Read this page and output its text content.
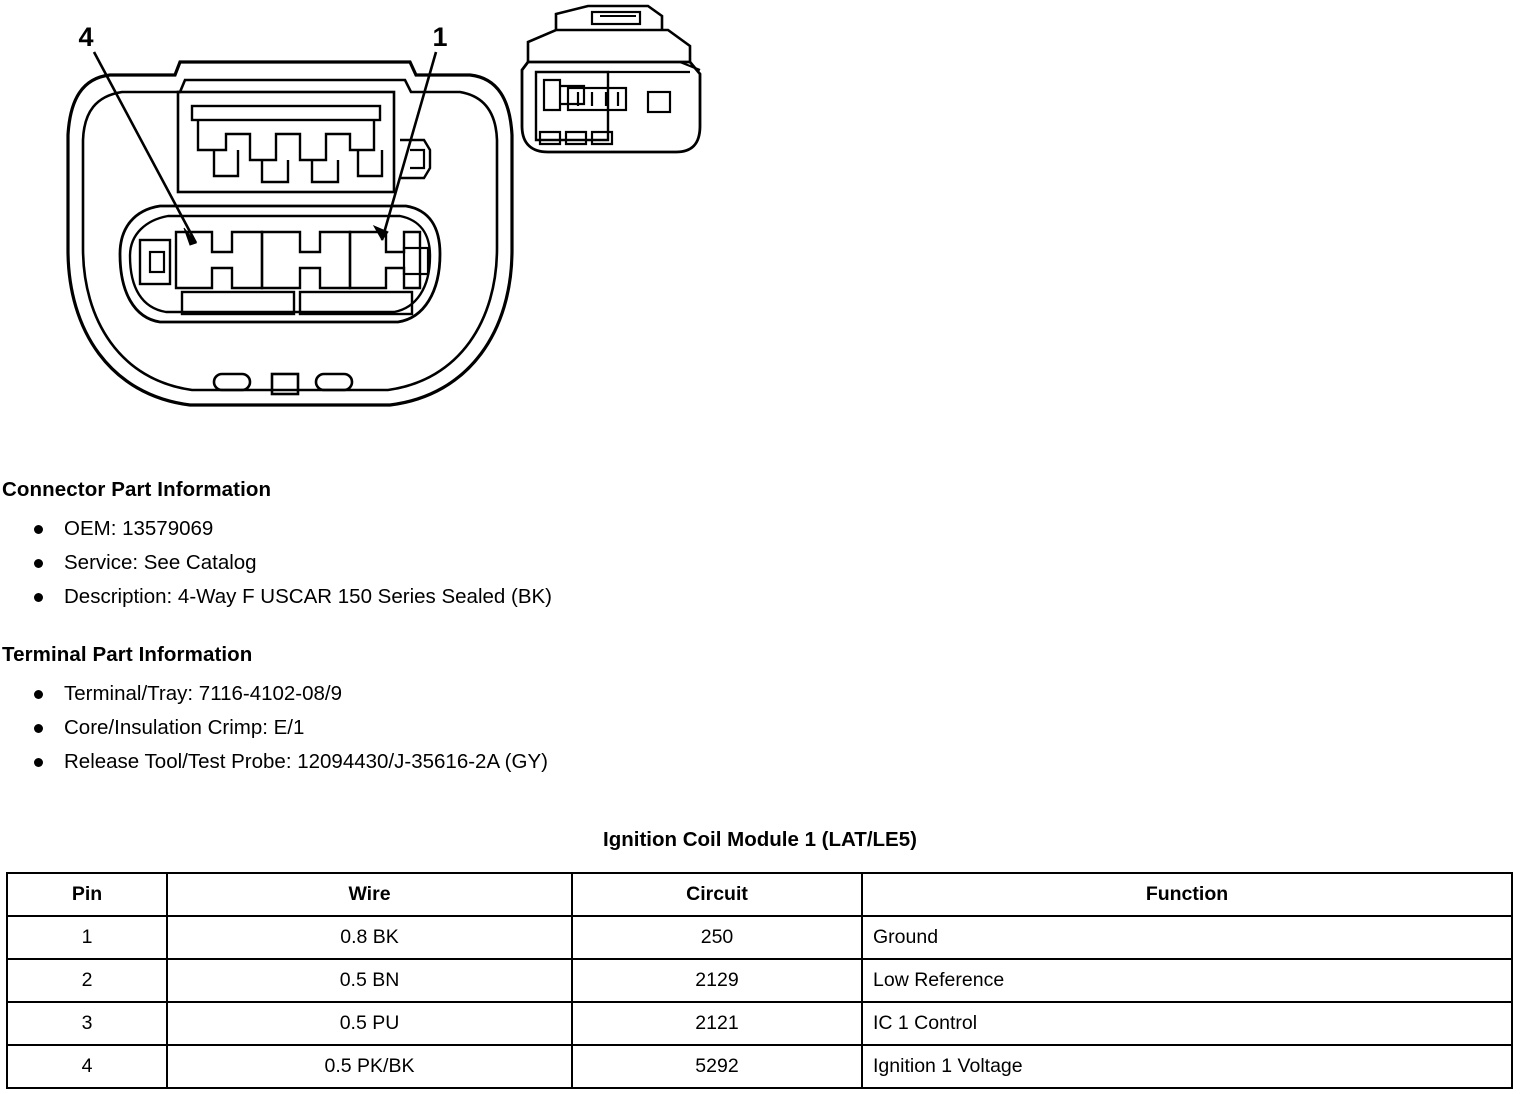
4	1
Connector Part Information
OEM: 13579069
Service: See Catalog
Description: 4-Way F USCAR 150 Series Sealed (BK)
Terminal Part Information
Terminal/Tray: 7116-4102-08/9
Core/Insulation Crimp: E/1
Release Tool/Test Probe: 12094430/J-35616-2A (GY)
Ignition Coil Module 1 (LAT/LE5)
Pin	Wire	Circuit	Function
1	0.8 BK	250	Ground
2	0.5 BN	2129	Low Reference
3	0.5 PU	2121	IC 1 Control
4	0.5 PK/BK	5292	Ignition 1 Voltage
